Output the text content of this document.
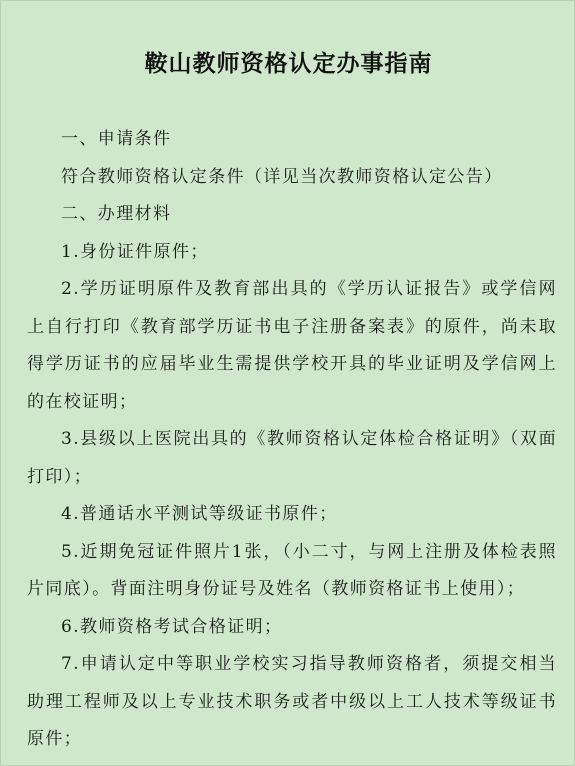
鞍山教师资格认定办事指南

一、申请条件

符合教师资格认定条件（详见当次教师资格认定公告）

二、办理材料

1.身份证件原件；

2.学历证明原件及教育部出具的《学历认证报告》或学信网上自行打印《教育部学历证书电子注册备案表》的原件，尚未取得学历证书的应届毕业生需提供学校开具的毕业证明及学信网上的在校证明；

3.县级以上医院出具的《教师资格认定体检合格证明》（双面打印）；

4.普通话水平测试等级证书原件；

5.近期免冠证件照片1张，（小二寸，与网上注册及体检表照片同底）。背面注明身份证号及姓名（教师资格证书上使用）；

6.教师资格考试合格证明；

7.申请认定中等职业学校实习指导教师资格者，须提交相当助理工程师及以上专业技术职务或者中级以上工人技术等级证书原件；
